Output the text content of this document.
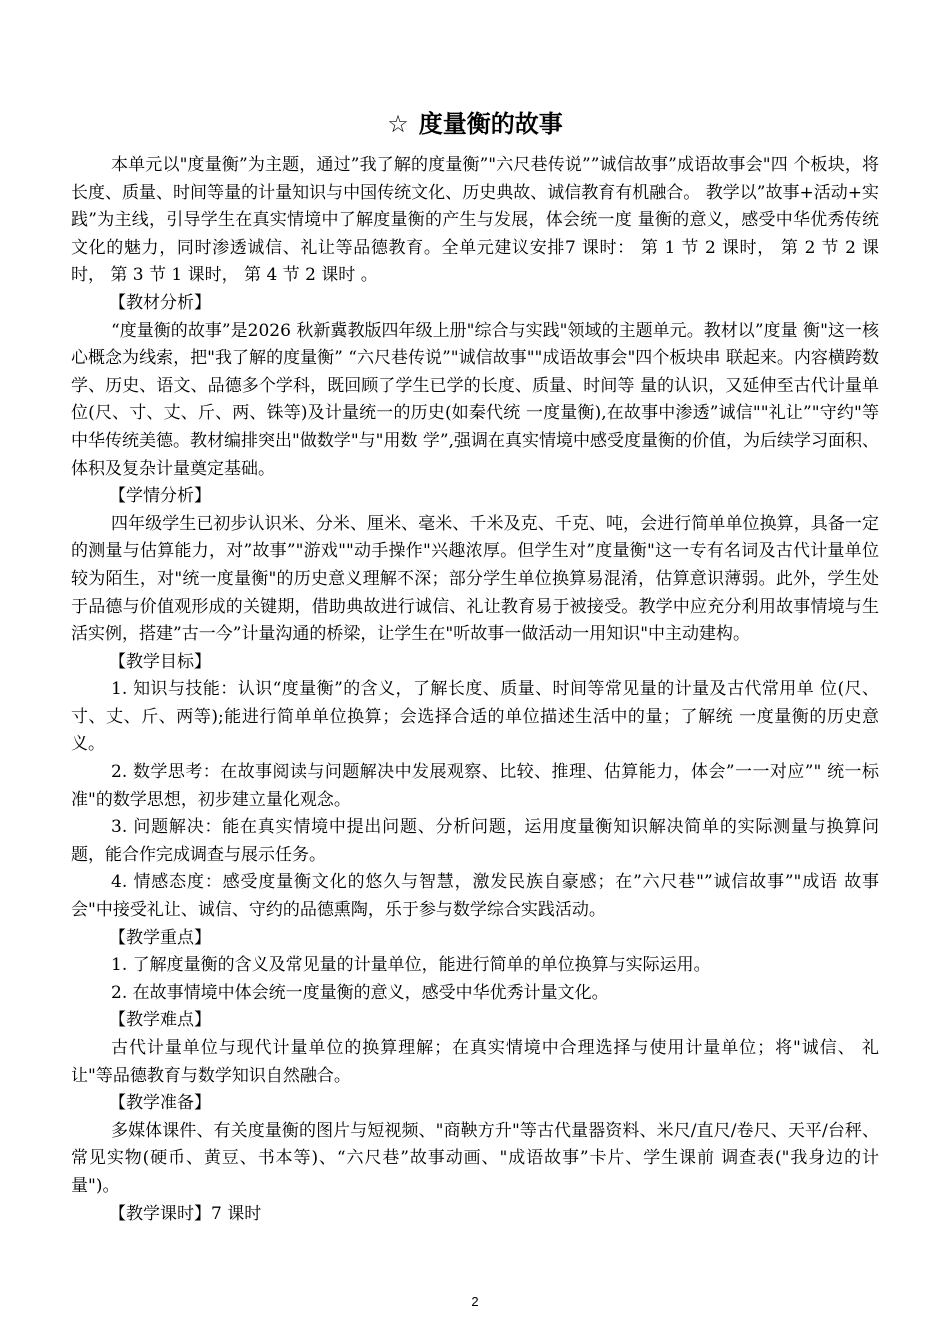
☆ 度量衡的故事

本单元以"度量衡”为主题，通过”我了解的度量衡”"六尺巷传说””诚信故事”成语故事会"四 个板块，将长度、质量、时间等量的计量知识与中国传统文化、历史典故、诚信教育有机融合。 教学以”故事+活动+实践”为主线，引导学生在真实情境中了解度量衡的产生与发展，体会统一度 量衡的意义，感受中华优秀传统文化的魅力，同时渗透诚信、礼让等品德教育。全单元建议安排7 课时： 第 1 节 2 课时， 第 2 节 2 课时， 第 3 节 1 课时， 第 4 节 2 课时 。

【教材分析】

“度量衡的故事”是2026 秋新冀教版四年级上册"综合与实践"领域的主题单元。教材以”度量 衡"这一核心概念为线索，把"我了解的度量衡” “六尺巷传说”"诚信故事""成语故事会"四个板块串 联起来。内容横跨数学、历史、语文、品德多个学科，既回顾了学生已学的长度、质量、时间等 量的认识，又延伸至古代计量单位(尺、寸、丈、斤、两、铢等)及计量统一的历史(如秦代统 一度量衡),在故事中渗透”诚信""礼让”"守约"等中华传统美德。教材编排突出"做数学"与"用数 学”,强调在真实情境中感受度量衡的价值，为后续学习面积、体积及复杂计量奠定基础。

【学情分析】

四年级学生已初步认识米、分米、厘米、毫米、千米及克、千克、吨，会进行简单单位换算，具备一定的测量与估算能力，对”故事”"游戏""动手操作"兴趣浓厚。但学生对”度量衡"这一专有名词及古代计量单位较为陌生，对"统一度量衡"的历史意义理解不深；部分学生单位换算易混淆，估算意识薄弱。此外，学生处于品德与价值观形成的关键期，借助典故进行诚信、礼让教育易于被接受。教学中应充分利用故事情境与生活实例，搭建”古一今”计量沟通的桥梁，让学生在"听故事一做活动一用知识"中主动建构。

【教学目标】

1. 知识与技能：认识“度量衡”的含义，了解长度、质量、时间等常见量的计量及古代常用单 位(尺、寸、丈、斤、两等);能进行简单单位换算；会选择合适的单位描述生活中的量；了解统 一度量衡的历史意义。

2. 数学思考：在故事阅读与问题解决中发展观察、比较、推理、估算能力，体会”一一对应”" 统一标准"的数学思想，初步建立量化观念。

3. 问题解决：能在真实情境中提出问题、分析问题，运用度量衡知识解决简单的实际测量与换算问题，能合作完成调查与展示任务。

4. 情感态度：感受度量衡文化的悠久与智慧，激发民族自豪感；在”六尺巷"”诚信故事”"成语 故事会"中接受礼让、诚信、守约的品德熏陶，乐于参与数学综合实践活动。

【教学重点】

1. 了解度量衡的含义及常见量的计量单位，能进行简单的单位换算与实际运用。

2. 在故事情境中体会统一度量衡的意义，感受中华优秀计量文化。

【教学难点】

古代计量单位与现代计量单位的换算理解；在真实情境中合理选择与使用计量单位；将"诚信、 礼让"等品德教育与数学知识自然融合。

【教学准备】

多媒体课件、有关度量衡的图片与短视频、"商鞅方升"等古代量器资料、米尺/直尺/卷尺、天平/台秤、常见实物(硬币、黄豆、书本等)、“六尺巷”故事动画、"成语故事”卡片、学生课前 调查表("我身边的计量")。

【教学课时】7 课时

2
